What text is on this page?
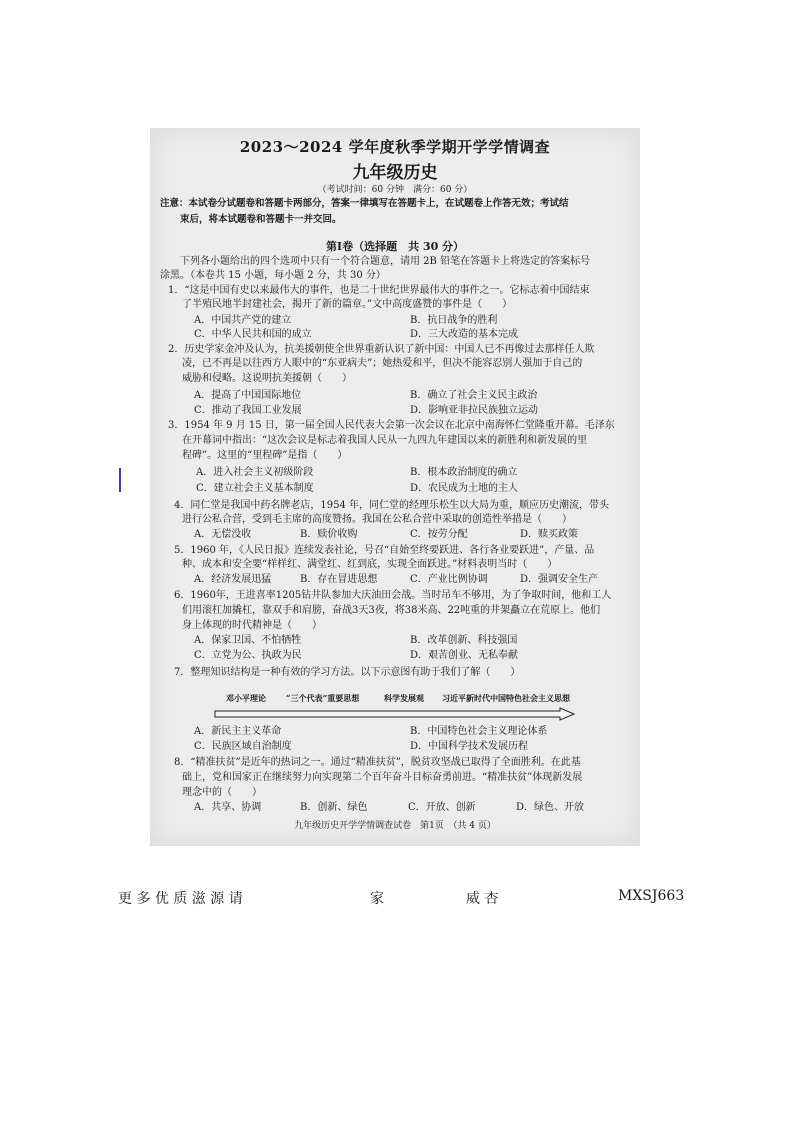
2023～2024 学年度秋季学期开学学情调查
九年级历史
（考试时间：60 分钟　满分：60 分）
注意：本试卷分试题卷和答题卡两部分，答案一律填写在答题卡上，在试题卷上作答无效；考试结
束后，将本试题卷和答题卡一并交回。
第Ⅰ卷（选择题　共 30 分）
下列各小题给出的四个选项中只有一个符合题意，请用 2B 铅笔在答题卡上将选定的答案标号
涂黑。（本卷共 15 小题，每小题 2 分，共 30 分）
1．“这是中国有史以来最伟大的事件，也是二十世纪世界最伟大的事件之一。它标志着中国结束
了半殖民地半封建社会，揭开了新的篇章。”文中高度盛赞的事件是（　　）
A．中国共产党的建立	B．抗日战争的胜利
C．中华人民共和国的成立	D．三大改造的基本完成
2．历史学家金冲及认为，抗美援朝使全世界重新认识了新中国：中国人已不再像过去那样任人欺
凌，已不再是以往西方人眼中的“东亚病夫”；她热爱和平，但决不能容忍别人强加于自己的
威胁和侵略。这说明抗美援朝（　　）
A．提高了中国国际地位	B．确立了社会主义民主政治
C．推动了我国工业发展	D．影响亚非拉民族独立运动
3．1954 年 9 月 15 日，第一届全国人民代表大会第一次会议在北京中南海怀仁堂隆重开幕。毛泽东
在开幕词中指出：“这次会议是标志着我国人民从一九四九年建国以来的新胜利和新发展的里
程碑”。这里的“里程碑”是指（　　）
A．进入社会主义初级阶段	B．根本政治制度的确立
C．建立社会主义基本制度	D．农民成为土地的主人
4．同仁堂是我国中药名牌老店，1954 年，同仁堂的经理乐松生以大局为重，顺应历史潮流，带头
进行公私合营，受到毛主席的高度赞扬。我国在公私合营中采取的创造性举措是（　　）
A．无偿没收	B．赎价收购	C．按劳分配	D．赎买政策
5．1960 年，《人民日报》连续发表社论，号召“自始至终要跃进、各行各业要跃进”，产量、品
种、成本和安全要“样样红、满堂红、红到底，实现全面跃进。”材料表明当时（　　）
A．经济发展迅猛	B．存在冒进思想	C．产业比例协调	D．强调安全生产
6．1960年，王进喜率1205钻井队参加大庆油田会战。当时吊车不够用，为了争取时间，他和工人
们用滚杠加撬杠，靠双手和肩膀，奋战3天3夜，将38米高、22吨重的井架矗立在荒原上。他们
身上体现的时代精神是（　　）
A．保家卫国、不怕牺牲	B．改革创新、科技强国
C．立党为公、执政为民	D．艰苦创业、无私奉献
7．整理知识结构是一种有效的学习方法。以下示意图有助于我们了解（　　）
邓小平理论	“三个代表”重要思想	科学发展观 习近平新时代中国特色社会主义思想
A．新民主主义革命	B．中国特色社会主义理论体系
C．民族区域自治制度	D．中国科学技术发展历程
8．“精准扶贫”是近年的热词之一。通过“精准扶贫”，脱贫攻坚战已取得了全面胜利。在此基
础上，党和国家正在继续努力向实现第二个百年奋斗目标奋勇前进。“精准扶贫”体现新发展
理念中的（　　）
A．共享、协调	B．创新、绿色	C．开放、创新	D．绿色、开放
九年级历史开学学情调查试卷　第1页　（共 4 页）
更 多 优 质 滋 源 请	家	威 杏	MXSJ663
